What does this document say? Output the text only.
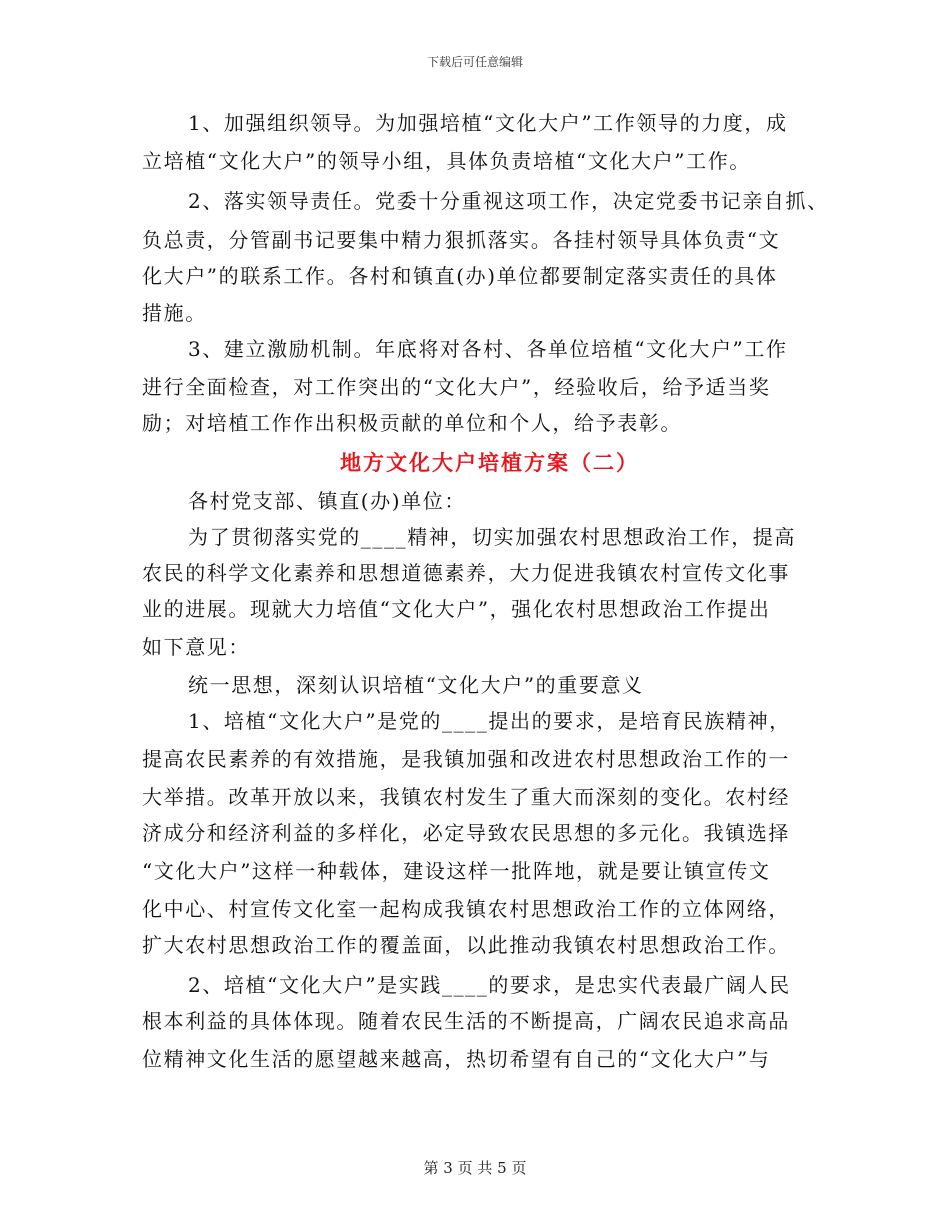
下载后可任意编辑
1、加强组织领导。为加强培植“文化大户”工作领导的力度，成
立培植“文化大户”的领导小组，具体负责培植“文化大户”工作。
2、落实领导责任。党委十分重视这项工作，决定党委书记亲自抓、
负总责，分管副书记要集中精力狠抓落实。各挂村领导具体负责“文
化大户”的联系工作。各村和镇直(办)单位都要制定落实责任的具体
措施。
3、建立激励机制。年底将对各村、各单位培植“文化大户”工作
进行全面检查，对工作突出的“文化大户”，经验收后，给予适当奖
励；对培植工作作出积极贡献的单位和个人，给予表彰。
地方文化大户培植方案（二）
各村党支部、镇直(办)单位：
为了贯彻落实党的____精神，切实加强农村思想政治工作，提高
农民的科学文化素养和思想道德素养，大力促进我镇农村宣传文化事
业的进展。现就大力培值“文化大户”，强化农村思想政治工作提出
如下意见：
统一思想，深刻认识培植“文化大户”的重要意义
1、培植“文化大户”是党的____提出的要求，是培育民族精神，
提高农民素养的有效措施，是我镇加强和改进农村思想政治工作的一
大举措。改革开放以来，我镇农村发生了重大而深刻的变化。农村经
济成分和经济利益的多样化，必定导致农民思想的多元化。我镇选择
“文化大户”这样一种载体，建设这样一批阵地，就是要让镇宣传文
化中心、村宣传文化室一起构成我镇农村思想政治工作的立体网络，
扩大农村思想政治工作的覆盖面，以此推动我镇农村思想政治工作。
2、培植“文化大户”是实践____的要求，是忠实代表最广阔人民
根本利益的具体体现。随着农民生活的不断提高，广阔农民追求高品
位精神文化生活的愿望越来越高，热切希望有自己的“文化大户”与
第 3 页 共 5 页
